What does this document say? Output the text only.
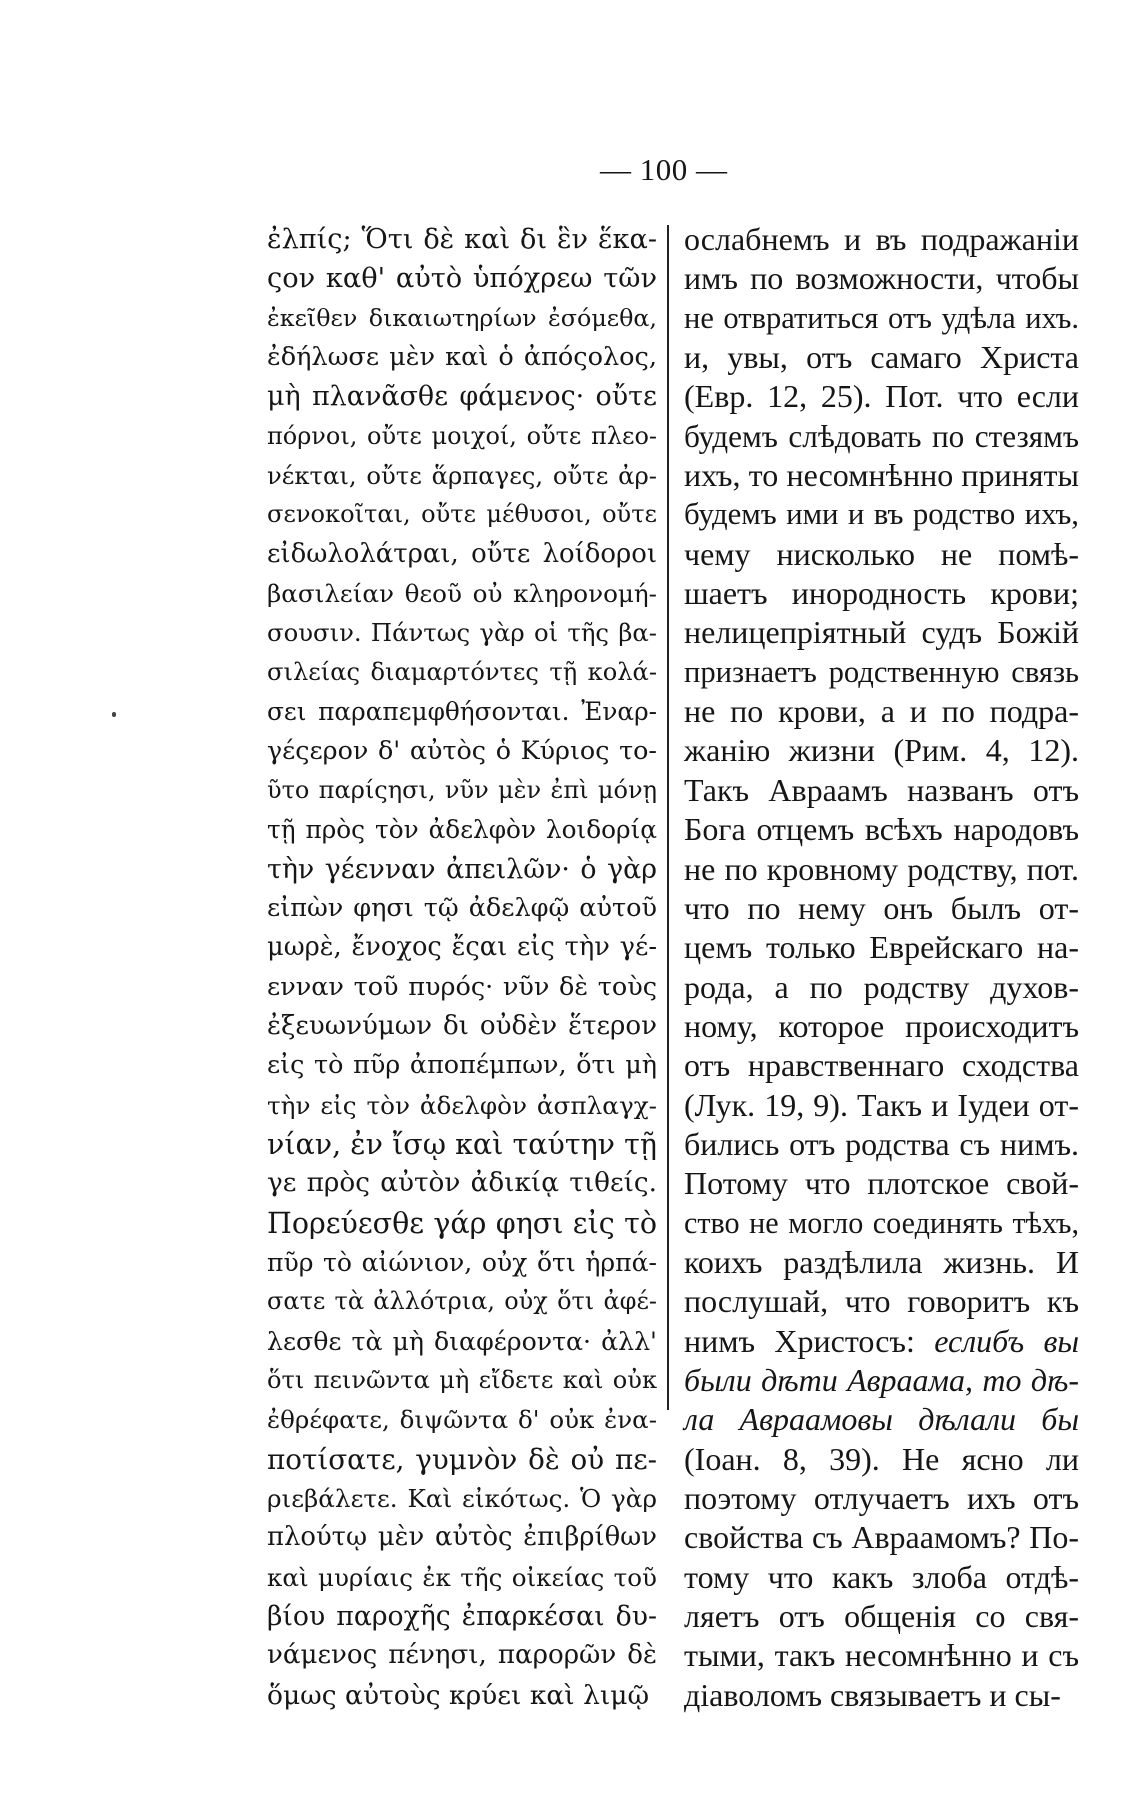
— 100 —
ἐλπίς; Ὅτι δὲ καὶ δι ἓν ἕκα-
ςον καθ' αὐτὸ ὑπόχρεω τῶν
ἐκεῖθεν δικαιωτηρίων ἐσόμεθα,
ἐδήλωσε μὲν καὶ ὁ ἀπόςολος,
μὴ πλανᾶσθε φάμενος· οὔτε
πόρνοι, οὔτε μοιχοί, οὔτε πλεο-
νέκται, οὔτε ἅρπαγες, οὔτε ἀρ-
σενοκοῖται, οὔτε μέθυσοι, οὔτε
εἰδωλολάτραι, οὔτε λοίδοροι
βασιλείαν θεοῦ οὐ κληρονομή-
σουσιν. Πάντως γὰρ οἱ τῆς βα-
σιλείας διαμαρτόντες τῇ κολά-
σει παραπεμφθήσονται. Ἐναρ-
γέςερον δ' αὐτὸς ὁ Κύριος το-
ῦτο παρίςησι, νῦν μὲν ἐπὶ μόνῃ
τῇ πρὸς τὸν ἀδελφὸν λοιδορίᾳ
τὴν γέενναν ἀπειλῶν· ὁ γὰρ
εἰπὼν φησι τῷ ἀδελφῷ αὐτοῦ
μωρὲ, ἔνοχος ἔςαι εἰς τὴν γέ-
ενναν τοῦ πυρός· νῦν δὲ τοὺς
ἐξευωνύμων δι οὐδὲν ἕτερον
εἰς τὸ πῦρ ἀποπέμπων, ὅτι μὴ
τὴν εἰς τὸν ἀδελφὸν ἀσπλαγχ-
νίαν, ἐν ἴσῳ καὶ ταύτην τῇ
γε πρὸς αὐτὸν ἀδικίᾳ τιθείς.
Πορεύεσθε γάρ φησι εἰς τὸ
πῦρ τὸ αἰώνιον, οὐχ ὅτι ἡρπά-
σατε τὰ ἀλλότρια, οὐχ ὅτι ἀφέ-
λεσθε τὰ μὴ διαφέροντα· ἀλλ'
ὅτι πεινῶντα μὴ εἴδετε καὶ οὐκ
ἐθρέφατε, διψῶντα δ' οὐκ ἐνα-
ποτίσατε, γυμνὸν δὲ οὐ πε-
ριεβάλετε. Καὶ εἰκότως. Ὁ γὰρ
πλούτῳ μὲν αὐτὸς ἐπιβρίθων
καὶ μυρίαις ἐκ τῆς οἰκείας τοῦ
βίου παροχῆς ἐπαρκέσαι δυ-
νάμενος πένησι, παρορῶν δὲ
ὅμως αὐτοὺς κρύει καὶ λιμῷ
ослабнемъ и въ подражаніи
имъ по возможности, чтобы
не отвратиться отъ удѣла ихъ.
и, увы, отъ самаго Христа
(Евр. 12, 25). Пот. что если
будемъ слѣдовать по стезямъ
ихъ, то несомнѣнно приняты
будемъ ими и въ родство ихъ,
чему нисколько не помѣ-
шаетъ инородность крови;
нелицепріятный судъ Божій
признаетъ родственную связь
не по крови, а и по подра-
жанію жизни (Рим. 4, 12).
Такъ Авраамъ названъ отъ
Бога отцемъ всѣхъ народовъ
не по кровному родству, пот.
что по нему онъ былъ от-
цемъ только Еврейскаго на-
рода, а по родству духов-
ному, которое происходитъ
отъ нравственнаго сходства
(Лук. 19, 9). Такъ и Іудеи от-
бились отъ родства съ нимъ.
Потому что плотское свой-
ство не могло соединять тѣхъ,
коихъ раздѣлила жизнь. И
послушай, что говоритъ къ
нимъ Христосъ: еслибъ вы
были дѣти Авраама, то дѣ-
ла Авраамовы дѣлали бы
(Іоан. 8, 39). Не ясно ли
поэтому отлучаетъ ихъ отъ
свойства съ Авраамомъ? По-
тому что какъ злоба отдѣ-
ляетъ отъ общенія со свя-
тыми, такъ несомнѣнно и съ
діаволомъ связываетъ и сы-
